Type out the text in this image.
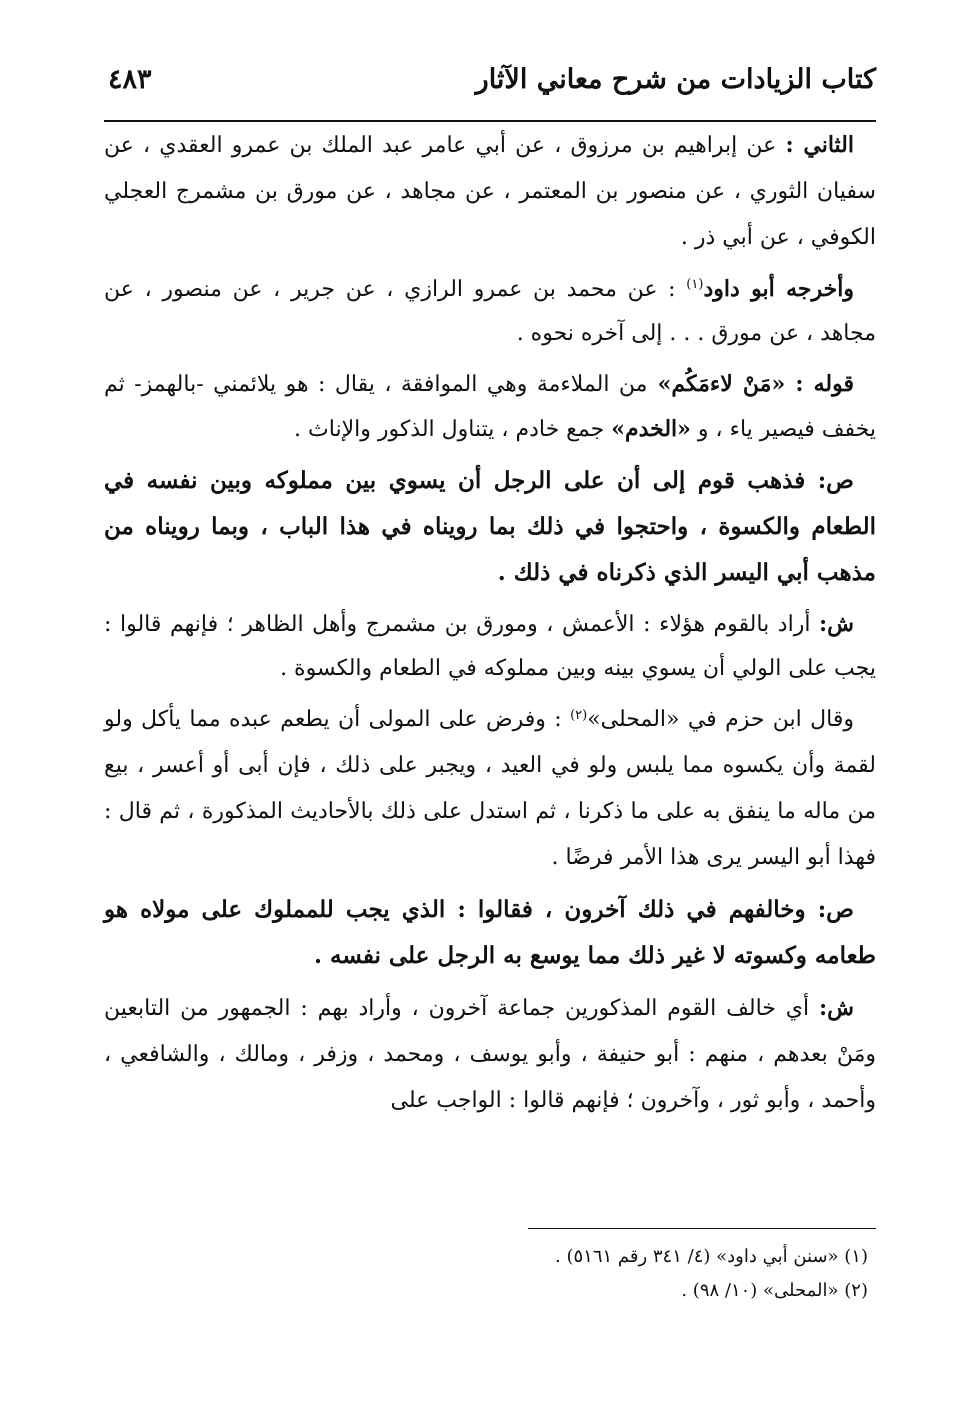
كتاب الزيادات من شرح معاني الآثار
٤٨٣

الثاني : عن إبراهيم بن مرزوق ، عن أبي عامر عبد الملك بن عمرو العقدي ، عن سفيان الثوري ، عن منصور بن المعتمر ، عن مجاهد ، عن مورق بن مشمرج العجلي الكوفي ، عن أبي ذر .

وأخرجه أبو داود$^{(١)}$ : عن محمد بن عمرو الرازي ، عن جرير ، عن منصور ، عن مجاهد ، عن مورق . . . إلى آخره نحوه .

قوله : «مَنْ لاءمَكُم» من الملاءمة وهي الموافقة ، يقال : هو يلائمني -بالهمز- ثم يخفف فيصير ياء ، و «الخدم» جمع خادم ، يتناول الذكور والإناث .

ص: فذهب قوم إلى أن على الرجل أن يسوي بين مملوكه وبين نفسه في الطعام والكسوة ، واحتجوا في ذلك بما رويناه في هذا الباب ، وبما رويناه من مذهب أبي اليسر الذي ذكرناه في ذلك .

ش: أراد بالقوم هؤلاء : الأعمش ، ومورق بن مشمرج وأهل الظاهر ؛ فإنهم قالوا : يجب على الولي أن يسوي بينه وبين مملوكه في الطعام والكسوة .

وقال ابن حزم في «المحلى»$^{(٢)}$ : وفرض على المولى أن يطعم عبده مما يأكل ولو لقمة وأن يكسوه مما يلبس ولو في العيد ، ويجبر على ذلك ، فإن أبى أو أعسر ، بيع من ماله ما ينفق به على ما ذكرنا ، ثم استدل على ذلك بالأحاديث المذكورة ، ثم قال : فهذا أبو اليسر يرى هذا الأمر فرضًا .

ص: وخالفهم في ذلك آخرون ، فقالوا : الذي يجب للمملوك على مولاه هو طعامه وكسوته لا غير ذلك مما يوسع به الرجل على نفسه .

ش: أي خالف القوم المذكورين جماعة آخرون ، وأراد بهم : الجمهور من التابعين ومَنْ بعدهم ، منهم : أبو حنيفة ، وأبو يوسف ، ومحمد ، وزفر ، ومالك ، والشافعي ، وأحمد ، وأبو ثور ، وآخرون ؛ فإنهم قالوا : الواجب على

(١) «سنن أبي داود» (٤/ ٣٤١ رقم ٥١٦١) .

(٢) «المحلى» (١٠/ ٩٨) .
